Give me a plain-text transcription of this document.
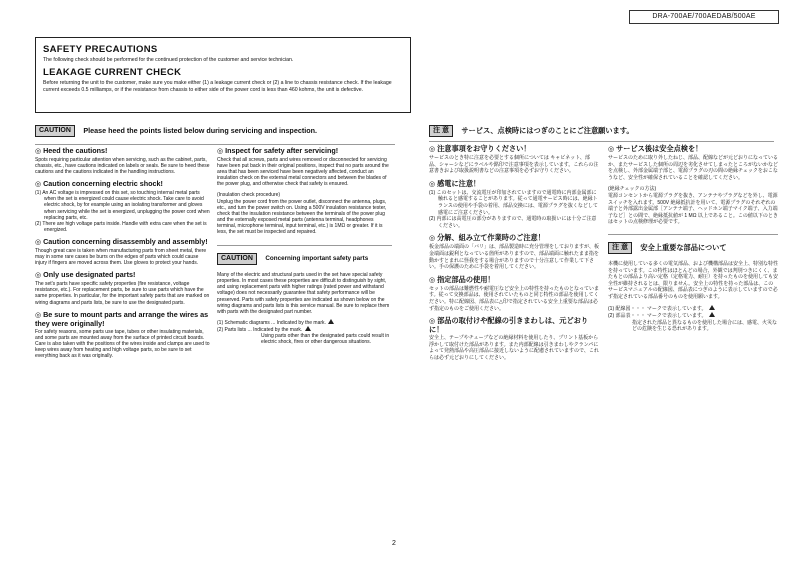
DRA-700AE/700AEDAB/500AE
SAFETY PRECAUTIONS

The following check should be performed for the continued protection of the customer and service technician.

LEAKAGE CURRENT CHECK

Before returning the unit to the customer, make sure you make either (1) a leakage current check or (2) a line to chassis resistance check. If the leakage current exceeds 0.5 milliamps, or if the resistance from chassis to either side of the power cord is less than 460 kohms, the unit is defective.

CAUTION Please heed the points listed below during servicing and inspection.
◎ Heed the cautions!

Spots requiring particular attention when servicing, such as the cabinet, parts, chassis, etc., have cautions indicated on labels or seals. Be sure to heed these cautions and the cautions indicated in the handling instructions.

◎ Caution concerning electric shock!
(1) An AC voltage is impressed on this set, so touching internal metal parts when the set is energized could cause electric shock. Take care to avoid electric shock, by for example using an isolating transformer and gloves when servicing while the set is energized, unplugging the power cord when replacing parts, etc.
(2) There are high voltage parts inside. Handle with extra care when the set is energized.
◎ Caution concerning disassembly and assembly!

Though great care is taken when manufacturing parts from sheet metal, there may in some rare cases be burrs on the edges of parts which could cause injury if fingers are moved across them. Use gloves to protect your hands.

◎ Only use designated parts!

The set's parts have specific safety properties (fire resistance, voltage resistance, etc.). For replacement parts, be sure to use parts which have the same properties. In particular, for the important safety parts that are marked on wiring diagrams and parts lists, be sure to use the designated parts.

◎ Be sure to mount parts and arrange the wires as they were originally!

For safety reasons, some parts use tape, tubes or other insulating materials, and some parts are mounted away from the surface of printed circuit boards. Care is also taken with the positions of the wires inside and clamps are used to keep wires away from heating and high voltage parts, so be sure to set everything back as it was originally.

◎ Inspect for safety after servicing!

Check that all screws, parts and wires removed or disconnected for servicing have been put back in their original positions, inspect that no parts around the area that has been serviced have been negatively affected, conduct an insulation check on the external metal connectors and between the blades of the power plug, and otherwise check that safety is ensured.

(Insulation check procedure)

Unplug the power cord from the power outlet, disconnect the antenna, plugs, etc., and turn the power switch on. Using a 500V insulation resistance tester, check that the insulation resistance between the terminals of the power plug and the externally exposed metal parts (antenna terminal, headphones terminal, microphone terminal, input terminal, etc.) is 1MΩ or greater. If it is less, the set must be inspected and repaired.

CAUTION Concerning important safety parts

Many of the electric and structural parts used in the set have special safety properties. In most cases these properties are difficult to distinguish by sight, and using replacement parts with higher ratings (rated power and withstand voltage) does not necessarily guarantee that safety performance will be preserved. Parts with safety properties are indicated as shown below on the wiring diagrams and parts lists is this service manual. Be sure to replace them with parts with the designated part number.

(1) Schematic diagrams ... Indicated by the mark.

(2) Parts lists ... Indicated by the mark.

Using parts other than the designated parts could result in electric shock, fires or other dangerous situations.

注 意 サービス、点検時にはつぎのことにご注意願います。
◎ 注意事項をお守りください！

サービスのとき特に注意を必要とする個所については キャビネット、部品、シャーシなどにラベルや銘印で注意事項を表示しています。これらの注意書きおよび取扱説明書などの注意事項を必ずお守りください。

◎ 感電に注意！
(1) このセットは、交流電圧が印加されていますので通電時に内部金属部に触れると感電することがあります。従って通電サービス時には、絶縁トランスの使用や手袋の着用、部品交換には、電源プラグを抜くなどして感電にご注意ください。
(2) 内部には高電圧の部分がありますので、通電時の取扱いには十分ご注意ください。
◎ 分解、組み立て作業時のご注意！

板金部品の端面の「バリ」は、部品製造時に充分管理をしておりますが、板金端面は鋭利となっている箇所がありますので、部品端面に触れたまま指を動かすとまれに怪我をする場合がありますので十分注意して作業して下さい。手の保護のために手袋を着用してください。

◎ 指定部品の使用！

セットの部品は難燃性や耐電圧など安全上の特性を持ったものとなっています。従って交換部品は、使用されていたものと同じ特性の部品を使用してください。特に配線図、部品表に△印で指定されている安全上重要な部品は必ず指定のものをご使用ください。

◎ 部品の取付けや配線の引きまわしは、元どおりに！

安全上、テープやチューブなどの絶縁材料を使用したり、プリント基板から浮かして取付けた部品があります。また内部配線は引きまわしやクランパによって発熱部品や高圧部品に接近しないように配慮されていますので、これらは必ず元どおりにしてください。

◎ サービス後は安全点検を！

サービスのために取り外したねじ、部品、配線などが元どおりになっているか、またサービスした個所の周辺を劣化させてしまったところがないかなどを点検し、外部金属端子部と、電源プラグの刃の間の絶縁チェックをおこなうなど、安全性が確保されていることを確認してください。

(絶縁チェックの方法)

電源コンセントから電源プラグを抜き、アンテナやプラグなどを外し、電源スイッチを入れます。500V 絶縁抵抗計を用いて、電源プラグのそれぞれの端子と外部露出金属部［アンテナ端子、ヘッドホン端子マイク端子、入力端子など］との間で、絶縁抵抗値が 1 MΩ 以上であること。この値以下のときはセットの点検修理が必要です。

注 意 安全上重要な部品について

本機に使用している多くの電気部品、および機構部品は安全上、特別な特性を持っています。この特性はほとんどの場合、外観では判別つきにくく、またもとの部品より高い定格（定格電力、耐圧）を持ったものを使用しても安全性が維持されるとは、限りません。安全上の特性を持った部品は、このサービスマニュアルの配線図、部品表につぎのように表示していますので必ず指定されている部品番号のものを使用願います。

(1) 配線図・・・ マークで表示しています。

(2) 部品表・・・ マークで表示しています。

指定された部品と異なるものを使用した場合には、感電、火災などの危険を生じる恐れがあります。

2
